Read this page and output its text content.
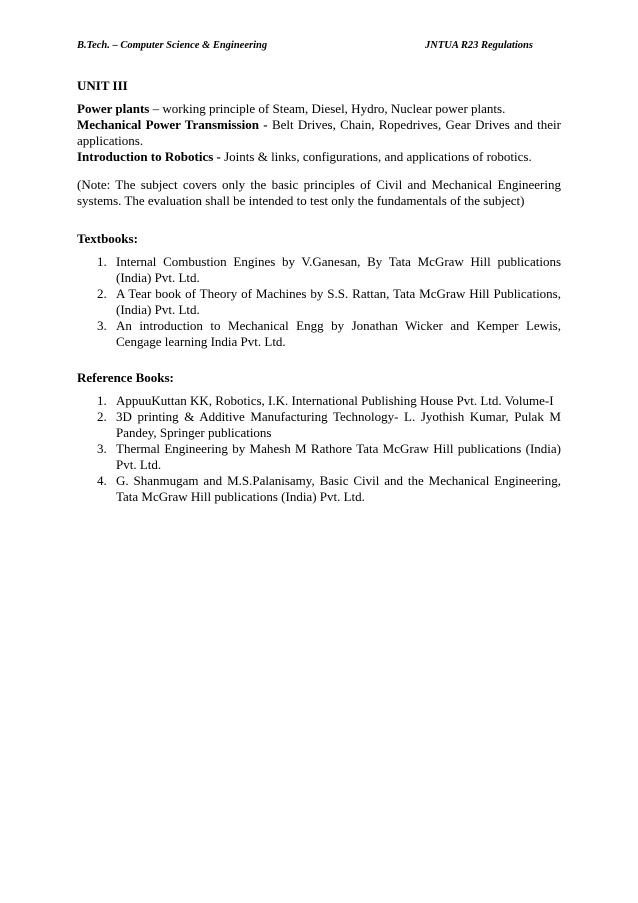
B.Tech. – Computer Science & Engineering	JNTUA R23 Regulations
UNIT III

Power plants – working principle of Steam, Diesel, Hydro, Nuclear power plants.

Mechanical Power Transmission - Belt Drives, Chain, Ropedrives, Gear Drives and their applications.

Introduction to Robotics - Joints & links, configurations, and applications of robotics.

(Note: The subject covers only the basic principles of Civil and Mechanical Engineering systems. The evaluation shall be intended to test only the fundamentals of the subject)

Textbooks:
1. Internal Combustion Engines by V.Ganesan, By Tata McGraw Hill publications (India) Pvt. Ltd.
2. A Tear book of Theory of Machines by S.S. Rattan, Tata McGraw Hill Publications, (India) Pvt. Ltd.
3. An introduction to Mechanical Engg by Jonathan Wicker and Kemper Lewis, Cengage learning India Pvt. Ltd.
Reference Books:
1. AppuuKuttan KK, Robotics, I.K. International Publishing House Pvt. Ltd. Volume-I
2. 3D printing & Additive Manufacturing Technology- L. Jyothish Kumar, Pulak M Pandey, Springer publications
3. Thermal Engineering by Mahesh M Rathore Tata McGraw Hill publications (India) Pvt. Ltd.
4. G. Shanmugam and M.S.Palanisamy, Basic Civil and the Mechanical Engineering, Tata McGraw Hill publications (India) Pvt. Ltd.
